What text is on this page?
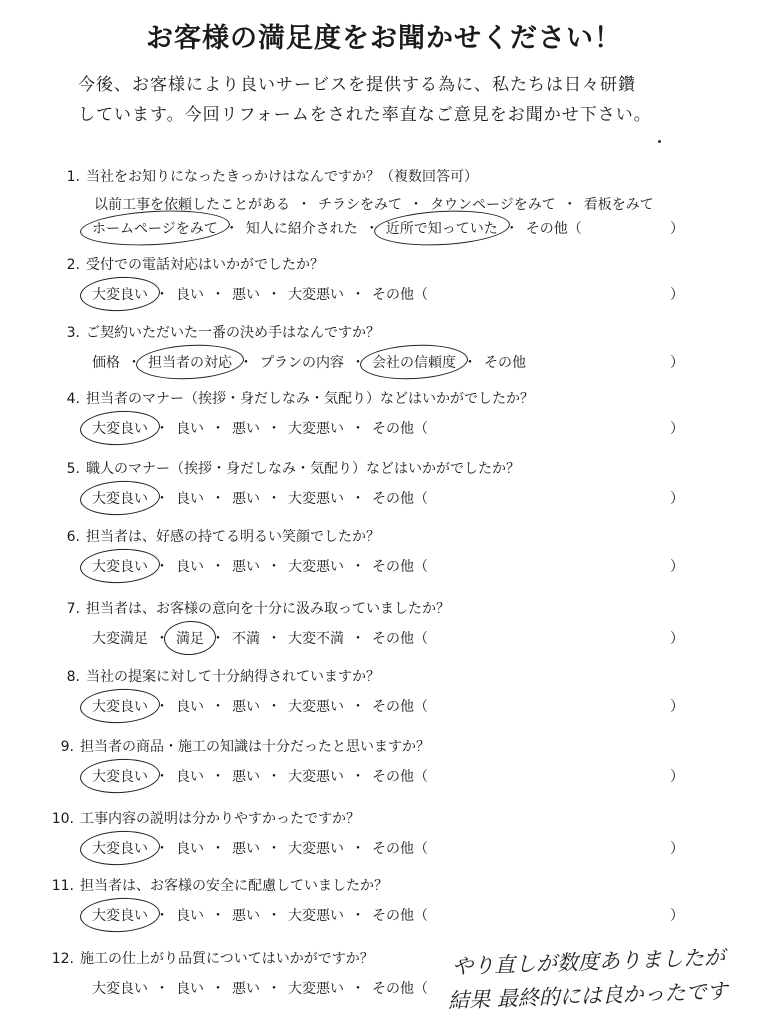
お客様の満足度をお聞かせください！
今後、お客様により良いサービスを提供する為に、私たちは日々研鑽
しています。今回リフォームをされた率直なご意見をお聞かせ下さい。
1. 当社をお知りになったきっかけはなんですか？（複数回答可）
以前工事を依頼したことがある ・ チラシをみて ・ タウンページをみて ・ 看板をみて
ホームページをみて ・ 知人に紹介された ・ 近所で知っていた ・ その他（	）
2. 受付での電話対応はいかがでしたか？
大変良い ・ 良い ・ 悪い ・ 大変悪い ・ その他（	）
3. ご契約いただいた一番の決め手はなんですか？
価格 ・ 担当者の対応 ・ プランの内容 ・ 会社の信頼度 ・ その他	）
4. 担当者のマナー（挨拶・身だしなみ・気配り）などはいかがでしたか？
大変良い ・ 良い ・ 悪い ・ 大変悪い ・ その他（	）
5. 職人のマナー（挨拶・身だしなみ・気配り）などはいかがでしたか？
大変良い ・ 良い ・ 悪い ・ 大変悪い ・ その他（	）
6. 担当者は、好感の持てる明るい笑顔でしたか？
大変良い ・ 良い ・ 悪い ・ 大変悪い ・ その他（	）
7. 担当者は、お客様の意向を十分に汲み取っていましたか？
大変満足 ・ 満足 ・ 不満 ・ 大変不満 ・ その他（	）
8. 当社の提案に対して十分納得されていますか？
大変良い ・ 良い ・ 悪い ・ 大変悪い ・ その他（	）
9. 担当者の商品・施工の知識は十分だったと思いますか？
大変良い ・ 良い ・ 悪い ・ 大変悪い ・ その他（	）
10. 工事内容の説明は分かりやすかったですか？
大変良い ・ 良い ・ 悪い ・ 大変悪い ・ その他（	）
11. 担当者は、お客様の安全に配慮していましたか？
大変良い ・ 良い ・ 悪い ・ 大変悪い ・ その他（	）
12. 施工の仕上がり品質についてはいかがですか？
大変良い ・ 良い ・ 悪い ・ 大変悪い ・ その他（
やり直しが数度ありましたが
結果 最終的には良かったです
